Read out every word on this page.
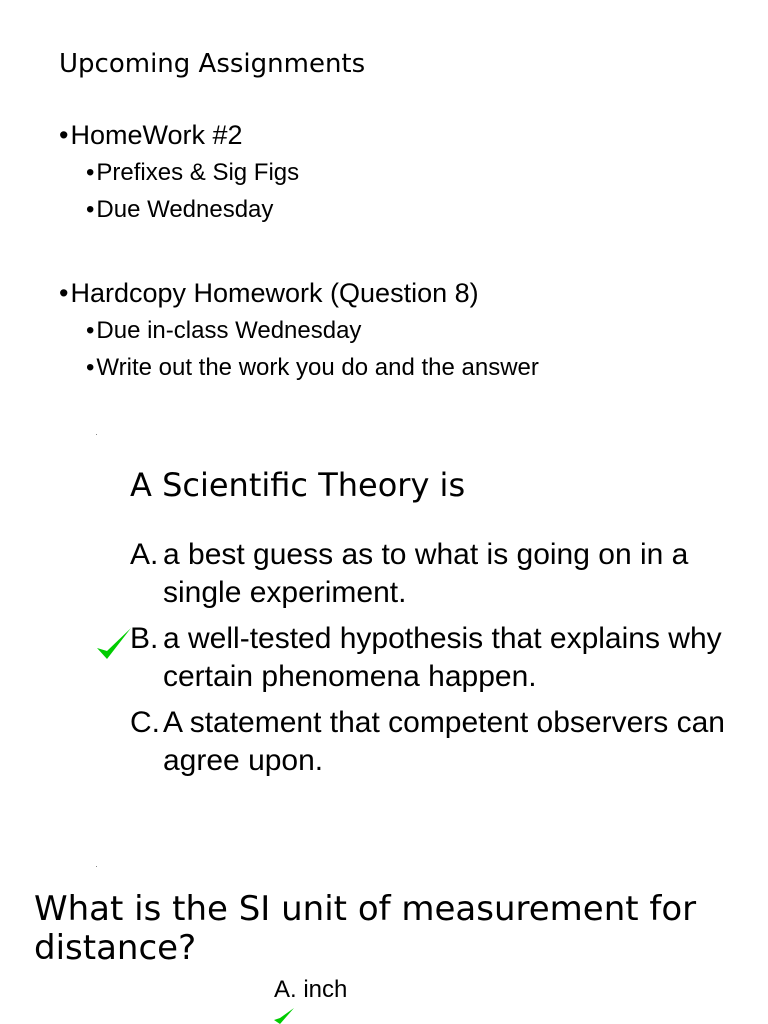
Upcoming Assignments
•HomeWork #2
•Prefixes & Sig Figs
•Due Wednesday
•Hardcopy Homework (Question 8)
•Due in-class Wednesday
•Write out the work you do and the answer
A Scientific Theory is
A. a best guess as to what is going on in a single experiment.
B. a well-tested hypothesis that explains why certain phenomena happen.
C. A statement that competent observers can agree upon.
What is the SI unit of measurement for distance?
A. inch
